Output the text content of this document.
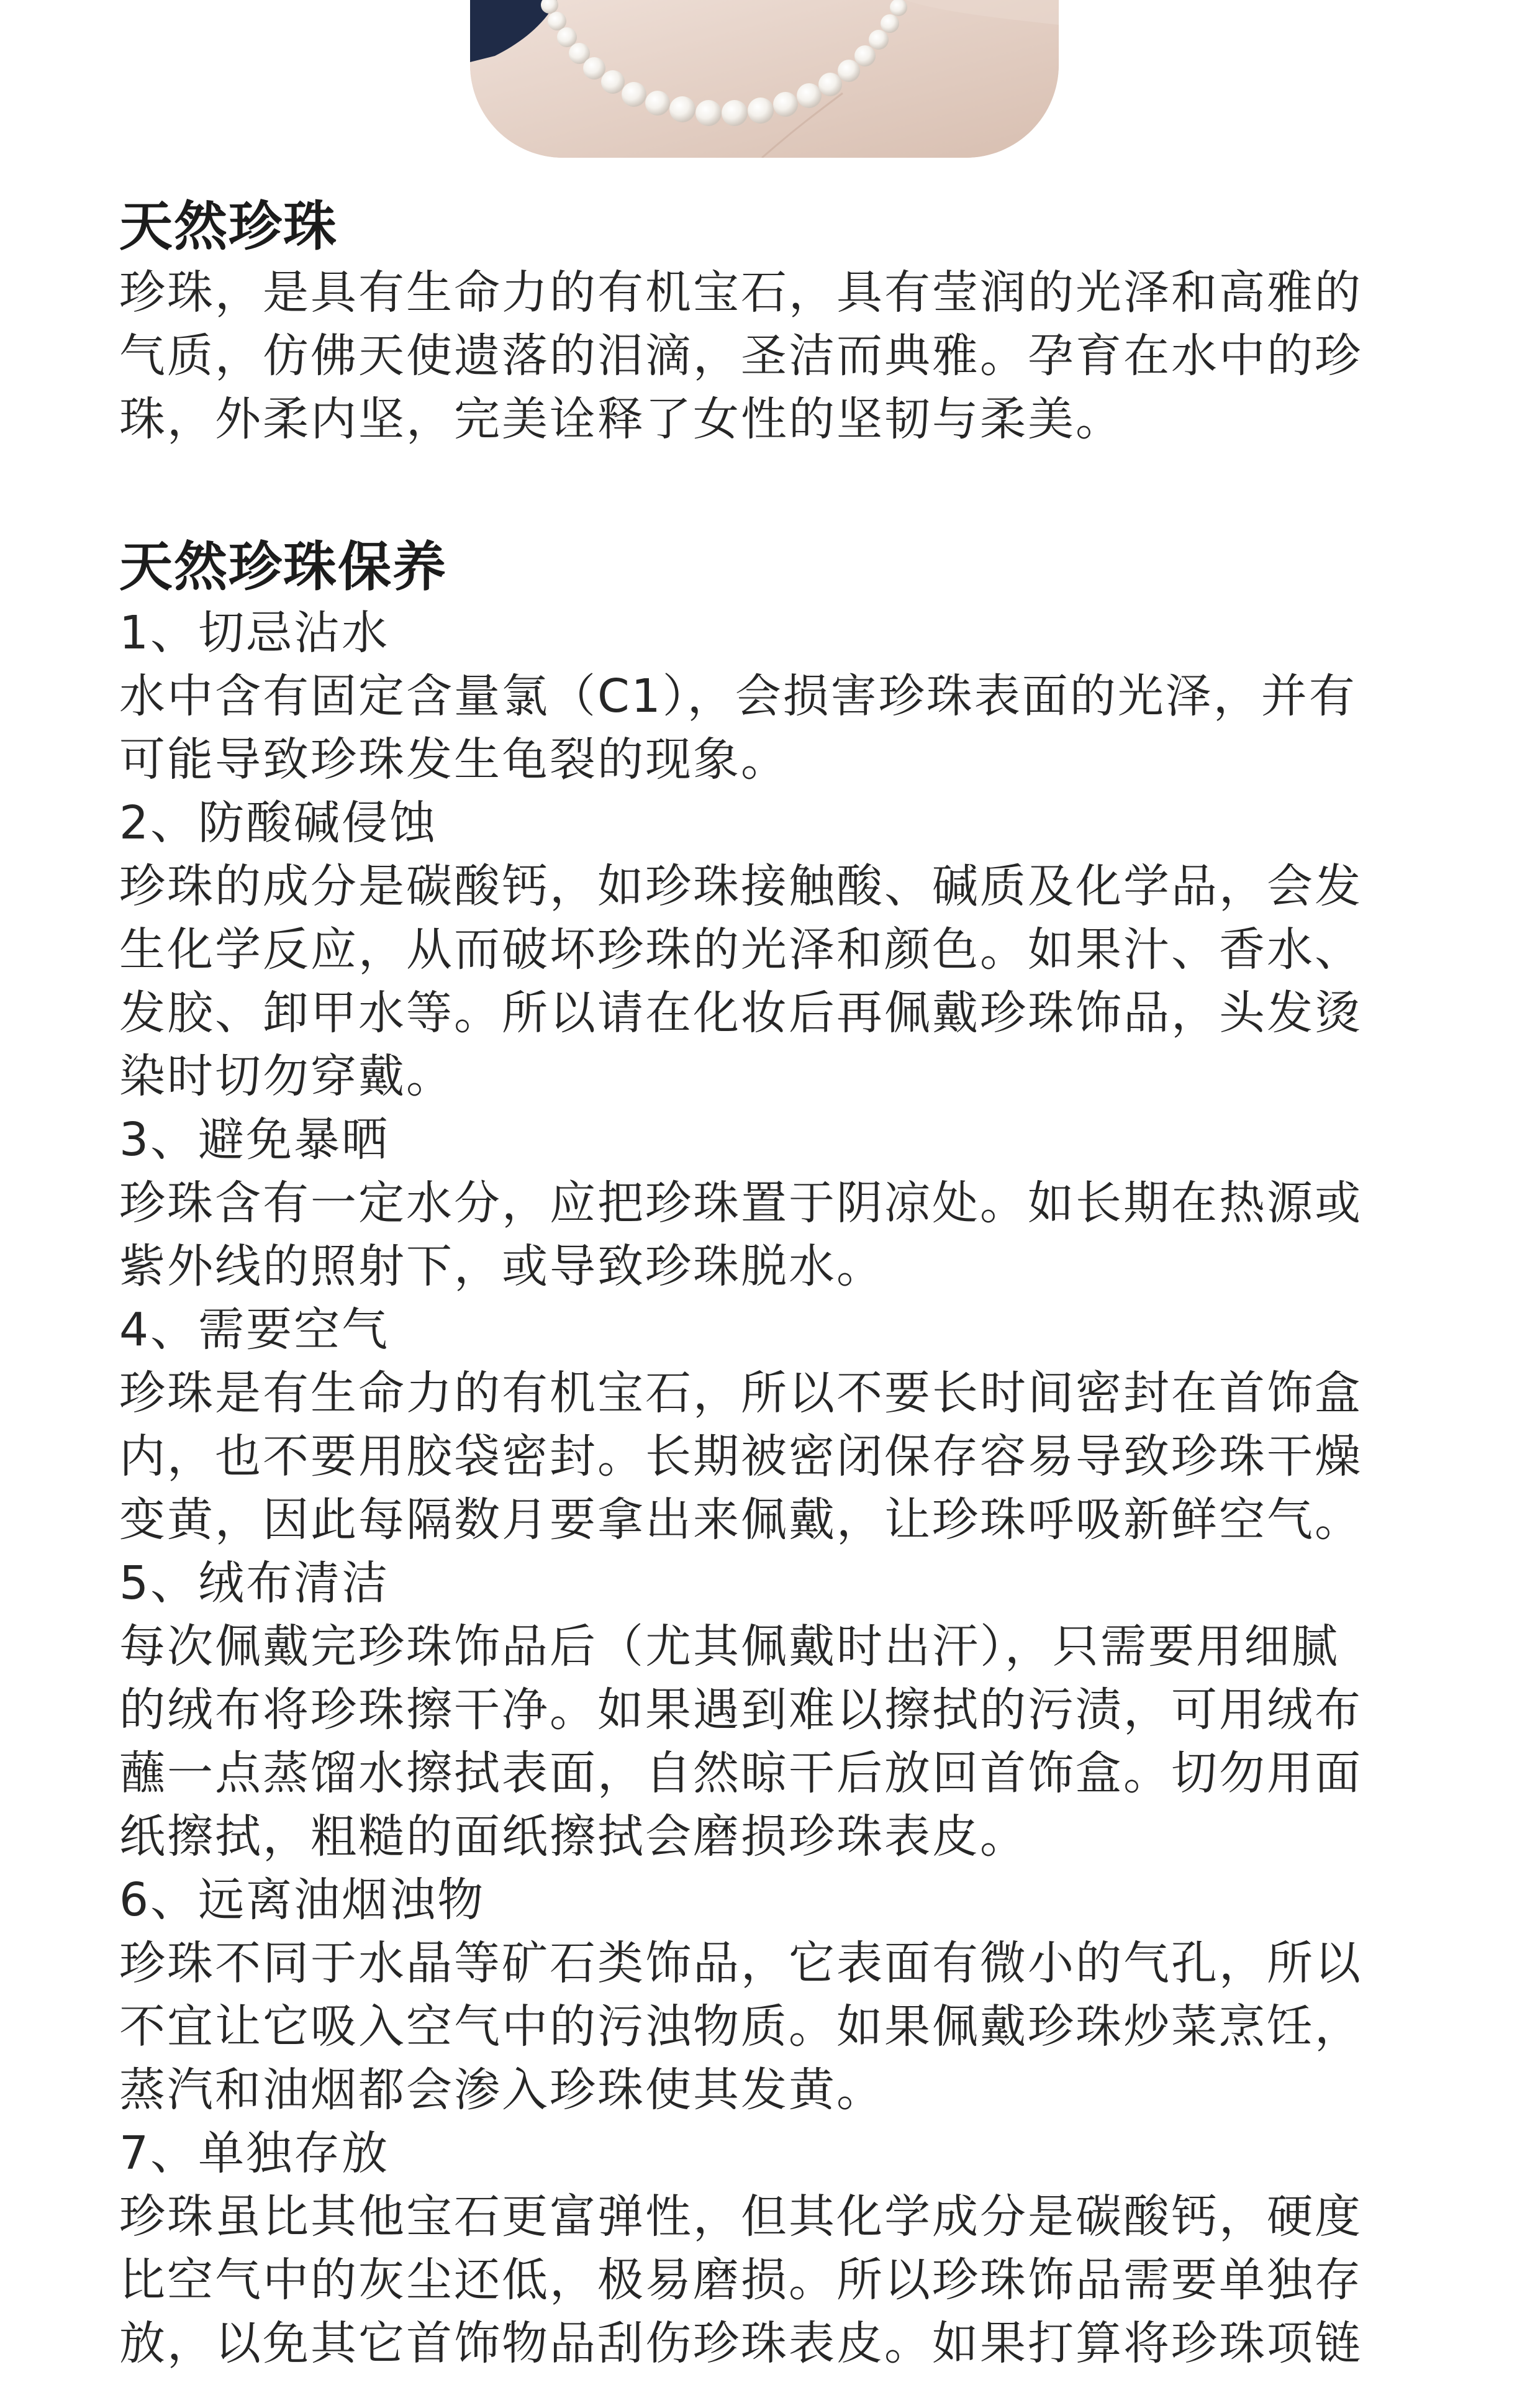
天然珍珠

珍珠，是具有生命力的有机宝石，具有莹润的光泽和高雅的

气质，仿佛天使遗落的泪滴，圣洁而典雅。孕育在水中的珍

珠，外柔内坚，完美诠释了女性的坚韧与柔美。

天然珍珠保养

1、切忌沾水

水中含有固定含量氯（C1），会损害珍珠表面的光泽，并有

可能导致珍珠发生龟裂的现象。

2、防酸碱侵蚀

珍珠的成分是碳酸钙，如珍珠接触酸、碱质及化学品，会发

生化学反应，从而破坏珍珠的光泽和颜色。如果汁、香水、

发胶、卸甲水等。所以请在化妆后再佩戴珍珠饰品，头发烫

染时切勿穿戴。

3、避免暴晒

珍珠含有一定水分，应把珍珠置于阴凉处。如长期在热源或

紫外线的照射下，或导致珍珠脱水。

4、需要空气

珍珠是有生命力的有机宝石，所以不要长时间密封在首饰盒

内，也不要用胶袋密封。长期被密闭保存容易导致珍珠干燥

变黄，因此每隔数月要拿出来佩戴，让珍珠呼吸新鲜空气。

5、绒布清洁

每次佩戴完珍珠饰品后（尤其佩戴时出汗），只需要用细腻

的绒布将珍珠擦干净。如果遇到难以擦拭的污渍，可用绒布

蘸一点蒸馏水擦拭表面，自然晾干后放回首饰盒。切勿用面

纸擦拭，粗糙的面纸擦拭会磨损珍珠表皮。

6、远离油烟浊物

珍珠不同于水晶等矿石类饰品，它表面有微小的气孔，所以

不宜让它吸入空气中的污浊物质。如果佩戴珍珠炒菜烹饪，

蒸汽和油烟都会渗入珍珠使其发黄。

7、单独存放

珍珠虽比其他宝石更富弹性，但其化学成分是碳酸钙，硬度

比空气中的灰尘还低，极易磨损。所以珍珠饰品需要单独存

放，以免其它首饰物品刮伤珍珠表皮。如果打算将珍珠项链
